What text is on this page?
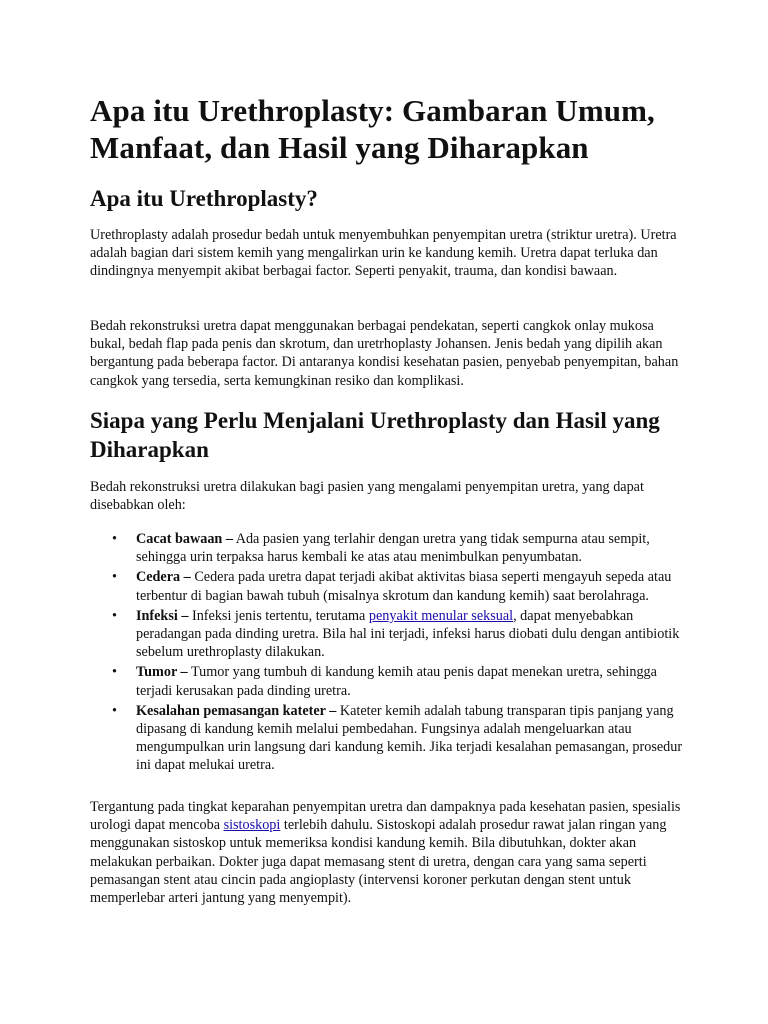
Apa itu Urethroplasty: Gambaran Umum, Manfaat, dan Hasil yang Diharapkan
Apa itu Urethroplasty?

Urethroplasty adalah prosedur bedah untuk menyembuhkan penyempitan uretra (striktur uretra). Uretra adalah bagian dari sistem kemih yang mengalirkan urin ke kandung kemih. Uretra dapat terluka dan dindingnya menyempit akibat berbagai factor. Seperti penyakit, trauma, dan kondisi bawaan.

Bedah rekonstruksi uretra dapat menggunakan berbagai pendekatan, seperti cangkok onlay mukosa bukal, bedah flap pada penis dan skrotum, dan uretrhoplasty Johansen. Jenis bedah yang dipilih akan bergantung pada beberapa factor. Di antaranya kondisi kesehatan pasien, penyebab penyempitan, bahan cangkok yang tersedia, serta kemungkinan resiko dan komplikasi.

Siapa yang Perlu Menjalani Urethroplasty dan Hasil yang Diharapkan

Bedah rekonstruksi uretra dilakukan bagi pasien yang mengalami penyempitan uretra, yang dapat disebabkan oleh:

• Cacat bawaan – Ada pasien yang terlahir dengan uretra yang tidak sempurna atau sempit, sehingga urin terpaksa harus kembali ke atas atau menimbulkan penyumbatan.
• Cedera – Cedera pada uretra dapat terjadi akibat aktivitas biasa seperti mengayuh sepeda atau terbentur di bagian bawah tubuh (misalnya skrotum dan kandung kemih) saat berolahraga.
• Infeksi – Infeksi jenis tertentu, terutama penyakit menular seksual, dapat menyebabkan peradangan pada dinding uretra. Bila hal ini terjadi, infeksi harus diobati dulu dengan antibiotik sebelum urethroplasty dilakukan.
• Tumor – Tumor yang tumbuh di kandung kemih atau penis dapat menekan uretra, sehingga terjadi kerusakan pada dinding uretra.
• Kesalahan pemasangan kateter – Kateter kemih adalah tabung transparan tipis panjang yang dipasang di kandung kemih melalui pembedahan. Fungsinya adalah mengeluarkan atau mengumpulkan urin langsung dari kandung kemih. Jika terjadi kesalahan pemasangan, prosedur ini dapat melukai uretra.

Tergantung pada tingkat keparahan penyempitan uretra dan dampaknya pada kesehatan pasien, spesialis urologi dapat mencoba sistoskopi terlebih dahulu. Sistoskopi adalah prosedur rawat jalan ringan yang menggunakan sistoskop untuk memeriksa kondisi kandung kemih. Bila dibutuhkan, dokter akan melakukan perbaikan. Dokter juga dapat memasang stent di uretra, dengan cara yang sama seperti pemasangan stent atau cincin pada angioplasty (intervensi koroner perkutan dengan stent untuk memperlebar arteri jantung yang menyempit).
